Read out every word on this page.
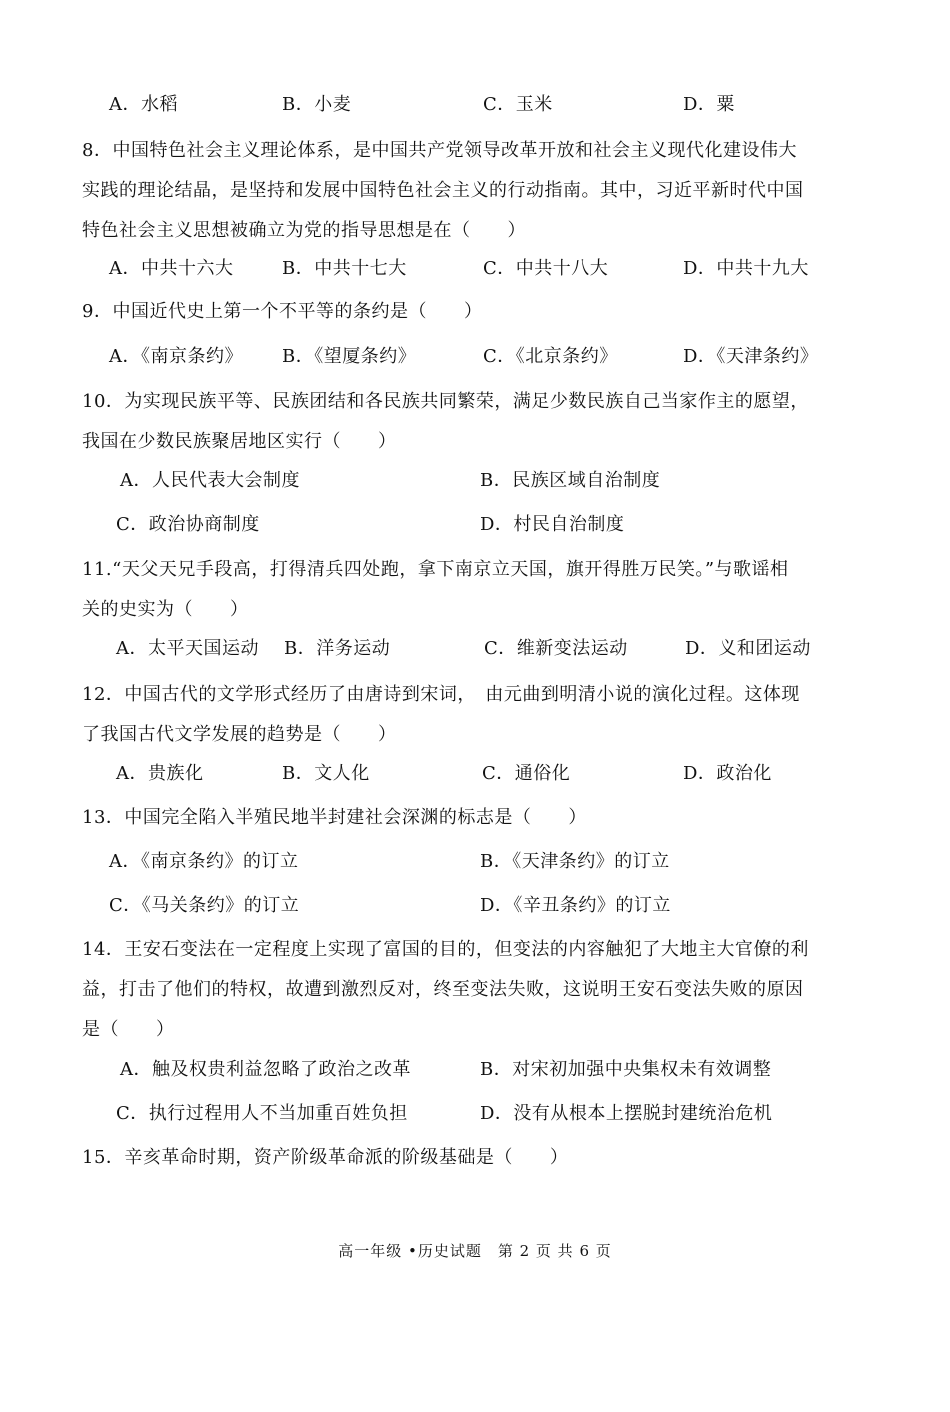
A．水稻	B．小麦	C．玉米	D．粟
8．中国特色社会主义理论体系，是中国共产党领导改革开放和社会主义现代化建设伟大
实践的理论结晶，是坚持和发展中国特色社会主义的行动指南。其中，习近平新时代中国
特色社会主义思想被确立为党的指导思想是在（　　）
A．中共十六大	B．中共十七大	C．中共十八大	D．中共十九大
9．中国近代史上第一个不平等的条约是（　　）
A．《南京条约》 B．《望厦条约》	C．《北京条约》	D．《天津条约》
10．为实现民族平等、民族团结和各民族共同繁荣，满足少数民族自己当家作主的愿望，
我国在少数民族聚居地区实行（　　）
A．人民代表大会制度	B．民族区域自治制度
C．政治协商制度	D．村民自治制度
11.“天父天兄手段高，打得清兵四处跑，拿下南京立天国，旗开得胜万民笑。”与歌谣相
关的史实为（　　）
A．太平天国运动 B．洋务运动	C．维新变法运动	D．义和团运动
12．中国古代的文学形式经历了由唐诗到宋词，　由元曲到明清小说的演化过程。这体现
了我国古代文学发展的趋势是（　　）
A．贵族化	B．文人化	C．通俗化	D．政治化
13．中国完全陷入半殖民地半封建社会深渊的标志是（　　）
A．《南京条约》的订立	B．《天津条约》的订立
C．《马关条约》的订立	D．《辛丑条约》的订立
14．王安石变法在一定程度上实现了富国的目的，但变法的内容触犯了大地主大官僚的利
益，打击了他们的特权，故遭到激烈反对，终至变法失败，这说明王安石变法失败的原因
是（　　）
A．触及权贵利益忽略了政治之改革	B．对宋初加强中央集权未有效调整
C．执行过程用人不当加重百姓负担	D．没有从根本上摆脱封建统治危机
15．辛亥革命时期，资产阶级革命派的阶级基础是（　　）
高一年级 •历史试题　第 2 页 共 6 页
